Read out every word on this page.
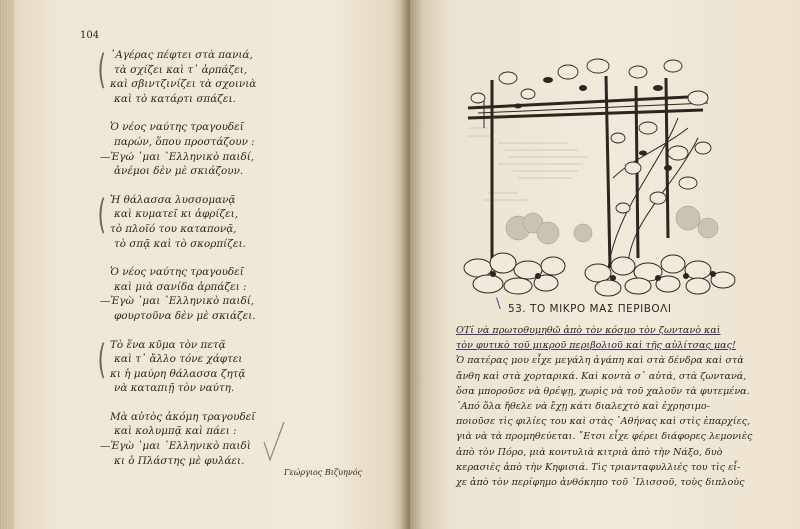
104
( ᾽Αγέρας πέφτει στὰ πανιά,
τὰ σχίζει καὶ τ᾽ ἁρπάζει,
καὶ σβιντζινίζει τὰ σχοινιὰ
καὶ τὸ κατάρτι σπάζει.
Ὁ νέος ναύτης τραγουδεῖ
παρών, ὅπου προστάζουν :
—Ἐγώ ᾽μαι ᾽Ελληνικὸ παιδί,
ἀνέμοι δὲν μὲ σκιάζουν.
( Ἡ θάλασσα λυσσομανᾷ
καὶ κυματεῖ κι ἀφρίζει,
τὸ πλοῖό του καταπονᾷ,
τὸ σπᾷ καὶ τὸ σκορπίζει.
Ὁ νέος ναύτης τραγουδεῖ
καὶ μιὰ σανίδα ἁρπάζει :
—Ἐγὼ ᾽μαι ᾽Ελληνικὸ παιδί,
φουρτοῦνα δὲν μὲ σκιάζει.
( Τὸ ἕνα κῦμα τὸν πετᾷ
καὶ τ᾽ ἄλλο τόνε χάφτει
κι ἡ μαύρη θάλασσα ζητᾷ
νὰ καταπιῇ τὸν ναύτη.
Μὰ αὐτὸς ἀκόμη τραγουδεῖ
καὶ κολυμπᾷ καὶ πάει :
—Ἐγὼ ᾽μαι ᾽Ελληνικὸ παιδὶ
κι ὁ Πλάστης μὲ φυλάει.
Γεώργιος Βιζυηνός
\ 53. ΤΟ ΜΙΚΡΟ ΜΑΣ ΠΕΡΙΒΟΛΙ
ΟΤί νὰ πρωτοθυμηθῶ ἀπὸ τὸν κόσμο τὸν ζωντανὸ καὶ
τὸν φυτικὸ τοῦ μικροῦ περιβολιοῦ καὶ τῆς αὐλίτσας μας!
Ὁ πατέρας μου εἶχε μεγάλη ἀγάπη καὶ στὰ δένδρα καὶ στὰ
ἄνθη καὶ στὰ χορταρικά. Καὶ κοντὰ σ᾽ αὐτά, στὰ ζωντανά,
ὅσα μποροῦσε νὰ θρέψῃ, χωρὶς νὰ τοῦ χαλοῦν τὰ φυτεμένα.
᾽Από ὅλα ἤθελε νὰ ἔχῃ κάτι διαλεχτὸ καὶ ἐχρησιμο-
ποιοῦσε τὶς φιλίες του καὶ στὰς ᾽Αθήνας καὶ στὶς ἐπαρχίες,
γιὰ νὰ τὰ προμηθεύεται. ῎Ετσι εἶχε φέρει διάφορες λεμονιὲς
ἀπὸ τὸν Πόρο, μιὰ κοντυλιὰ κιτριὰ ἀπὸ τὴν Νάξο, δυὸ
κερασιὲς ἀπὸ τὴν Κηφισιά. Τὶς τριανταφυλλιές του τὶς εἶ-
χε ἀπὸ τὸν περίφημο ἀνθόκηπο τοῦ ᾽Ιλισσοῦ, τοὺς διπλοὺς
